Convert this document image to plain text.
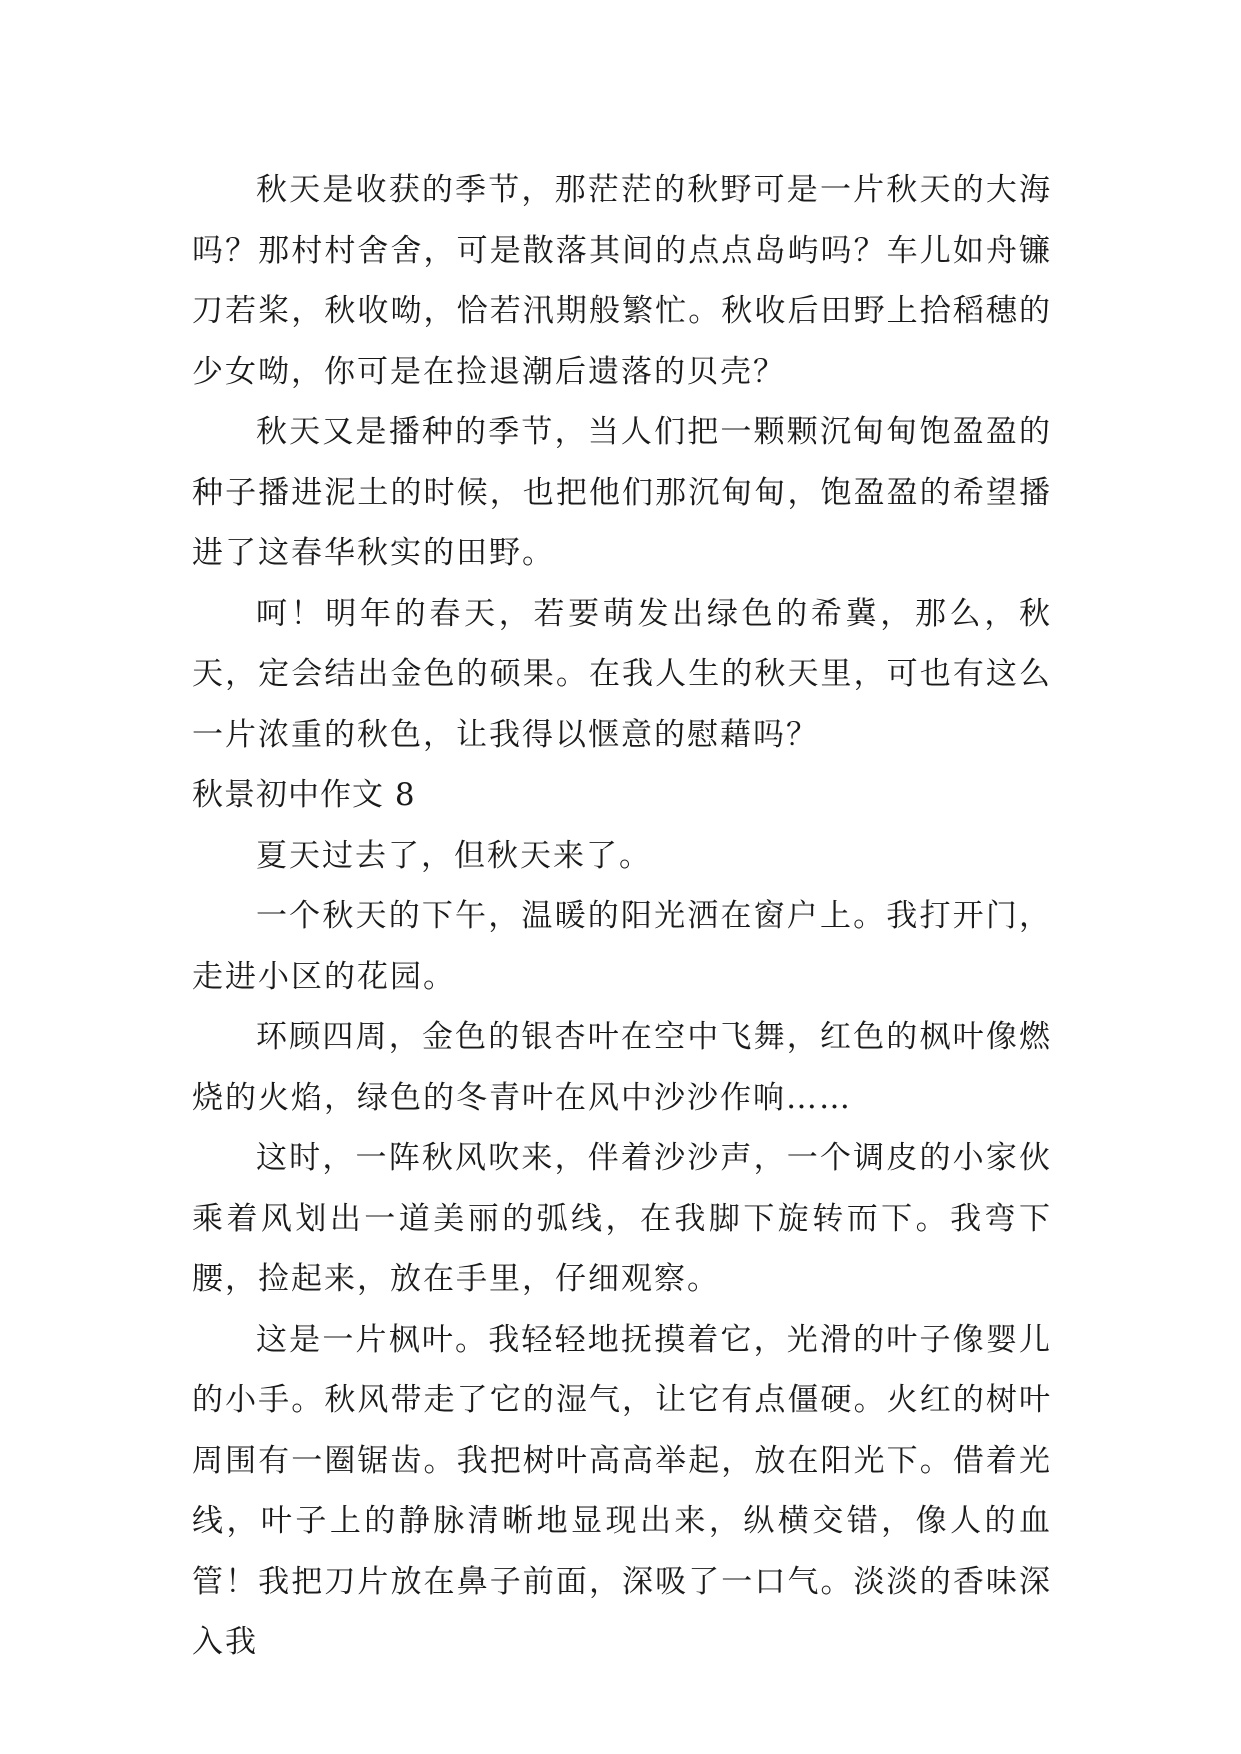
秋天是收获的季节，那茫茫的秋野可是一片秋天的大海吗？那村村舍舍，可是散落其间的点点岛屿吗？车儿如舟镰刀若桨，秋收呦，恰若汛期般繁忙。秋收后田野上拾稻穗的少女呦，你可是在捡退潮后遗落的贝壳？

秋天又是播种的季节，当人们把一颗颗沉甸甸饱盈盈的种子播进泥土的时候，也把他们那沉甸甸，饱盈盈的希望播进了这春华秋实的田野。

呵！明年的春天，若要萌发出绿色的希冀，那么，秋天，定会结出金色的硕果。在我人生的秋天里，可也有这么一片浓重的秋色，让我得以惬意的慰藉吗？

秋景初中作文 8

夏天过去了，但秋天来了。

一个秋天的下午，温暖的阳光洒在窗户上。我打开门，走进小区的花园。

环顾四周，金色的银杏叶在空中飞舞，红色的枫叶像燃烧的火焰，绿色的冬青叶在风中沙沙作响……

这时，一阵秋风吹来，伴着沙沙声，一个调皮的小家伙乘着风划出一道美丽的弧线，在我脚下旋转而下。我弯下腰，捡起来，放在手里，仔细观察。

这是一片枫叶。我轻轻地抚摸着它，光滑的叶子像婴儿的小手。秋风带走了它的湿气，让它有点僵硬。火红的树叶周围有一圈锯齿。我把树叶高高举起，放在阳光下。借着光线，叶子上的静脉清晰地显现出来，纵横交错，像人的血管！我把刀片放在鼻子前面，深吸了一口气。淡淡的香味深入我
